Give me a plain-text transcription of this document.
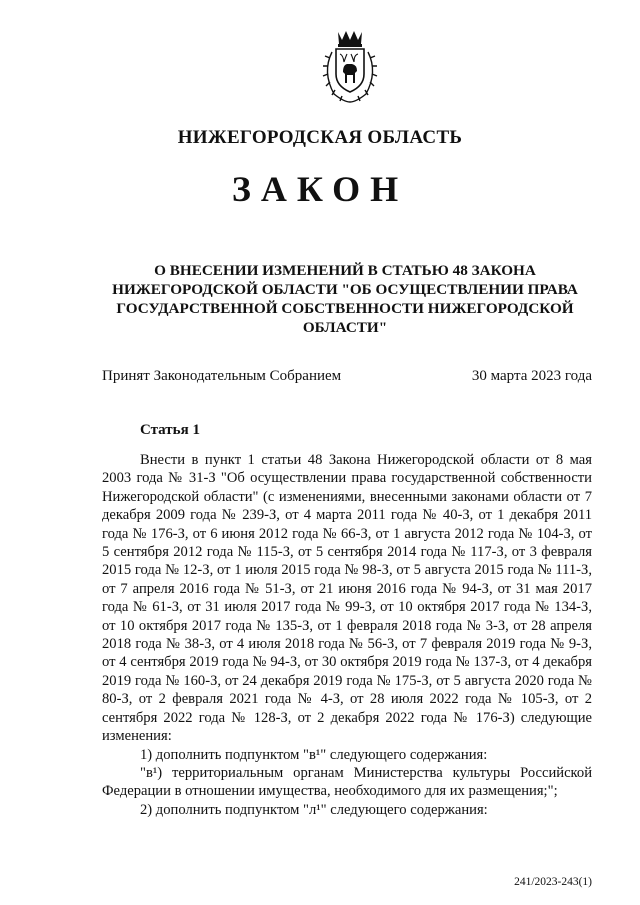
НИЖЕГОРОДСКАЯ ОБЛАСТЬ
ЗАКОН
О ВНЕСЕНИИ ИЗМЕНЕНИЙ В СТАТЬЮ 48 ЗАКОНА НИЖЕГОРОДСКОЙ ОБЛАСТИ "ОБ ОСУЩЕСТВЛЕНИИ ПРАВА ГОСУДАРСТВЕННОЙ СОБСТВЕННОСТИ НИЖЕГОРОДСКОЙ ОБЛАСТИ"
Принят Законодательным Собранием	30 марта 2023 года
Статья 1

Внести в пункт 1 статьи 48 Закона Нижегородской области от 8 мая 2003 года № 31-З "Об осуществлении права государственной собственности Нижегородской области" (с изменениями, внесенными законами области от 7 декабря 2009 года № 239-З, от 4 марта 2011 года № 40-З, от 1 декабря 2011 года № 176-З, от 6 июня 2012 года № 66-З, от 1 августа 2012 года № 104-З, от 5 сентября 2012 года № 115-З, от 5 сентября 2014 года № 117-З, от 3 февраля 2015 года № 12-З, от 1 июля 2015 года № 98-З, от 5 августа 2015 года № 111-З, от 7 апреля 2016 года № 51-З, от 21 июня 2016 года № 94-З, от 31 мая 2017 года № 61-З, от 31 июля 2017 года № 99-З, от 10 октября 2017 года № 134-З, от 10 октября 2017 года № 135-З, от 1 февраля 2018 года № 3-З, от 28 апреля 2018 года № 38-З, от 4 июля 2018 года № 56-З, от 7 февраля 2019 года № 9-З, от 4 сентября 2019 года № 94-З, от 30 октября 2019 года № 137-З, от 4 декабря 2019 года № 160-З, от 24 декабря 2019 года № 175-З, от 5 августа 2020 года № 80-З, от 2 февраля 2021 года № 4-З, от 28 июля 2022 года № 105-З, от 2 сентября 2022 года № 128-З, от 2 декабря 2022 года № 176-З) следующие изменения:

1) дополнить подпунктом "в¹" следующего содержания:

"в¹) территориальным органам Министерства культуры Российской Федерации в отношении имущества, необходимого для их размещения;";

2) дополнить подпунктом "л¹" следующего содержания:

241/2023-243(1)
